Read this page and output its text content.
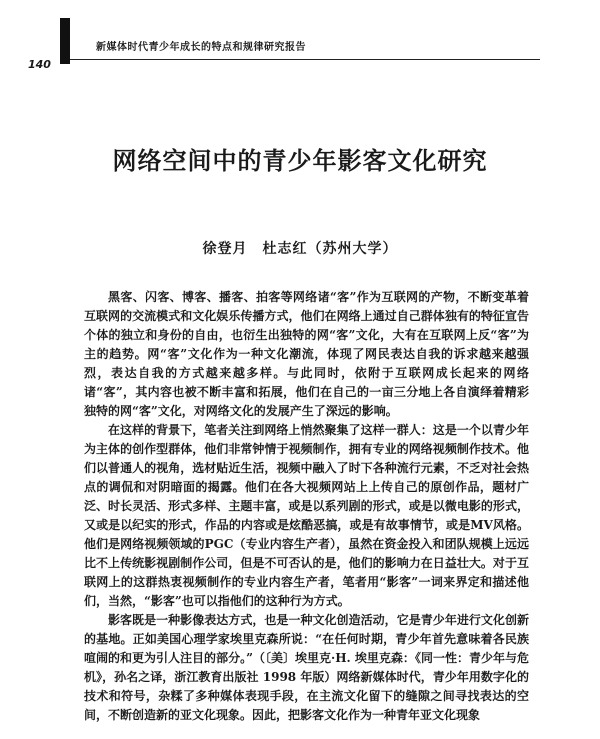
新媒体时代青少年成长的特点和规律研究报告
140
网络空间中的青少年影客文化研究
徐登月　杜志红（苏州大学）

黑客、闪客、博客、播客、拍客等网络诸“客”作为互联网的产物，不断变革着互联网的交流模式和文化娱乐传播方式，他们在网络上通过自己群体独有的特征宣告个体的独立和身份的自由，也衍生出独特的网“客”文化，大有在互联网上反“客”为主的趋势。网“客”文化作为一种文化潮流，体现了网民表达自我的诉求越来越强烈，表达自我的方式越来越多样。与此同时，依附于互联网成长起来的网络诸“客”，其内容也被不断丰富和拓展，他们在自己的一亩三分地上各自演绎着精彩独特的网“客”文化，对网络文化的发展产生了深远的影响。

在这样的背景下，笔者关注到网络上悄然聚集了这样一群人：这是一个以青少年为主体的创作型群体，他们非常钟情于视频制作，拥有专业的网络视频制作技术。他们以普通人的视角，选材贴近生活，视频中融入了时下各种流行元素，不乏对社会热点的调侃和对阴暗面的揭露。他们在各大视频网站上上传自己的原创作品，题材广泛、时长灵活、形式多样、主题丰富，或是以系列剧的形式，或是以微电影的形式，又或是以纪实的形式，作品的内容或是炫酷恶搞，或是有故事情节，或是MV风格。他们是网络视频领域的PGC（专业内容生产者），虽然在资金投入和团队规模上远远比不上传统影视剧制作公司，但是不可否认的是，他们的影响力在日益壮大。对于互联网上的这群热衷视频制作的专业内容生产者，笔者用“影客”一词来界定和描述他们，当然，“影客”也可以指他们的这种行为方式。

影客既是一种影像表达方式，也是一种文化创造活动，它是青少年进行文化创新的基地。正如美国心理学家埃里克森所说：“在任何时期，青少年首先意味着各民族喧闹的和更为引人注目的部分。”（〔美〕埃里克·H. 埃里克森：《同一性：青少年与危机》，孙名之译，浙江教育出版社 1998 年版）网络新媒体时代，青少年用数字化的技术和符号，杂糅了多种媒体表现手段，在主流文化留下的缝隙之间寻找表达的空间，不断创造新的亚文化现象。因此，把影客文化作为一种青年亚文化现象
